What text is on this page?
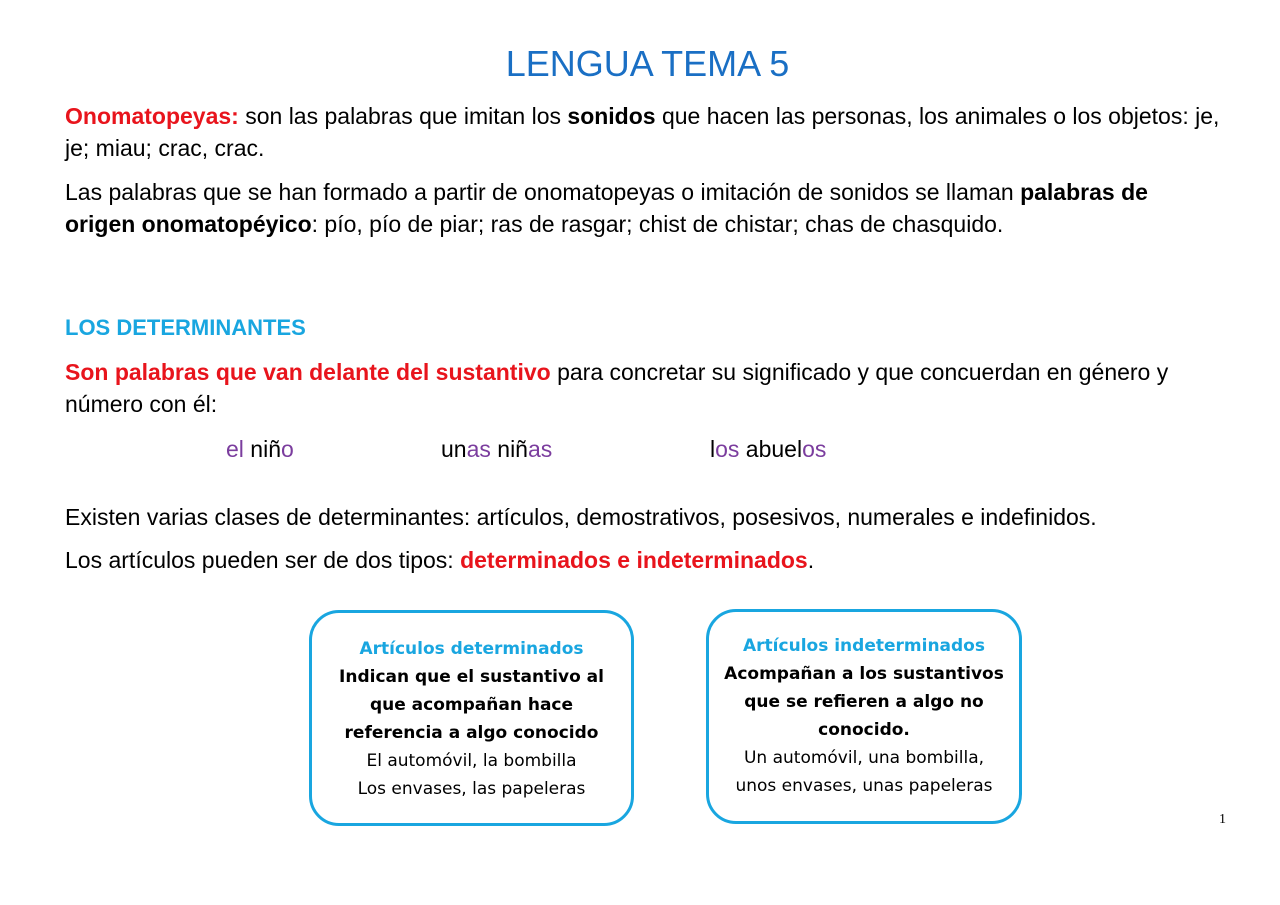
LENGUA TEMA 5
Onomatopeyas: son las palabras que imitan los sonidos que hacen las personas, los animales o los objetos: je, je; miau; crac, crac.
Las palabras que se han formado a partir de onomatopeyas o imitación de sonidos se llaman palabras de origen onomatopéyico: pío, pío de piar; ras de rasgar; chist de chistar; chas de chasquido.
LOS DETERMINANTES
Son palabras que van delante del sustantivo para concretar su significado y que concuerdan en género y número con él:
el niño	unas niñas	los abuelos
Existen varias clases de determinantes: artículos, demostrativos, posesivos, numerales e indefinidos.
Los artículos pueden ser de dos tipos: determinados e indeterminados.
Artículos determinados
Indican que el sustantivo al
que acompañan hace
referencia a algo conocido
El automóvil, la bombilla
Los envases, las papeleras
Artículos indeterminados
Acompañan a los sustantivos
que se refieren a algo no
conocido.
Un automóvil, una bombilla,
unos envases, unas papeleras
1
